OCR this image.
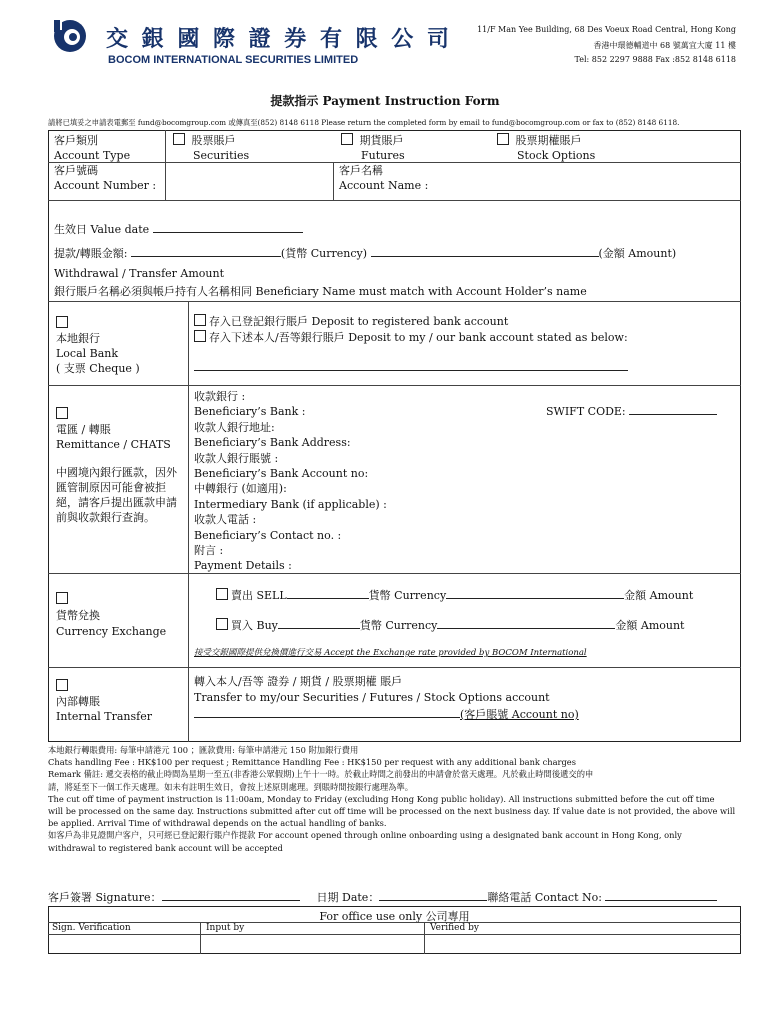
交 銀 國 際 證 券 有 限 公 司
BOCOM INTERNATIONAL SECURITIES LIMITED
11/F Man Yee Building, 68 Des Voeux Road Central, Hong Kong
香港中環德輔道中 68 號萬宜大廈 11 樓
Tel: 852 2297 9888 Fax :852 8148 6118
提款指示 Payment Instruction Form
請將已填妥之申請表電郵至 fund@bocomgroup.com 或傳真至(852) 8148 6118 Please return the completed form by email to fund@bocomgroup.com or fax to (852) 8148 6118.
客戶類別
Account Type
股票賬戶
Securities
期貨賬戶
Futures
股票期權賬戶
Stock Options
客戶號碼
Account Number :
客戶名稱
Account Name :
生效日 Value date
提款/轉賬金額:	(貨幣 Currency)	(金額 Amount)
Withdrawal / Transfer Amount
銀行賬戶名稱必須與帳戶持有人名稱相同 Beneficiary Name must match with Account Holder’s name
本地銀行
Local Bank
( 支票 Cheque )
存入已登記銀行賬戶 Deposit to registered bank account
存入下述本人/吾等銀行賬戶 Deposit to my / our bank account stated as below:
電匯 / 轉賬
Remittance / CHATS
中國境內銀行匯款，因外匯管制原因可能會被拒絕，請客戶提出匯款申請前與收款銀行查詢。
收款銀行 :
Beneficiary’s Bank :	SWIFT CODE:
收款人銀行地址:
Beneficiary’s Bank Address:
收款人銀行賬號 :
Beneficiary’s Bank Account no:
中轉銀行 (如適用):
Intermediary Bank (if applicable) :
收款人電話 :
Beneficiary’s Contact no. :
附言 :
Payment Details :
貨幣兌換
Currency Exchange
賣出 SELL	貨幣 Currency	金額 Amount
買入 Buy	貨幣 Currency	金額 Amount
接受交銀國際提供兌換價進行交易 Accept the Exchange rate provided by BOCOM International
內部轉賬
Internal Transfer
轉入本人/吾等 證券 / 期貨 / 股票期權 賬戶
Transfer to my/our Securities / Futures / Stock Options account
(客戶賬號 Account no)
本地銀行轉賬費用: 每筆申請港元 100 ；匯款費用: 每筆申請港元 150 附加銀行費用
Chats handling Fee : HK$100 per request ; Remittance Handling Fee : HK$150 per request with any additional bank charges
Remark 備註: 遞交表格的截止時間為星期一至五(非香港公眾假期)上午十一時。於截止時間之前發出的申請會於當天處理。凡於截止時間後遞交的申
請，將延至下一個工作天處理。如未有註明生效日，會按上述原則處理。到賬時間按銀行處理為準。
The cut off time of payment instruction is 11:00am, Monday to Friday (excluding Hong Kong public holiday). All instructions submitted before the cut off time
will be processed on the same day. Instructions submitted after cut off time will be processed on the next business day. If value date is not provided, the above will
be applied. Arrival Time of withdrawal depends on the actual handling of banks.
如客戶為非見證開户客户，只可經已登記銀行賬户作提款 For account opened through online onboarding using a designated bank account in Hong Kong, only
withdrawal to registered bank account will be accepted
客戶簽署 Signature：	日期 Date：	聯絡電話 Contact No:
For office use only 公司專用
Sign. Verification	Input by	Verified by
